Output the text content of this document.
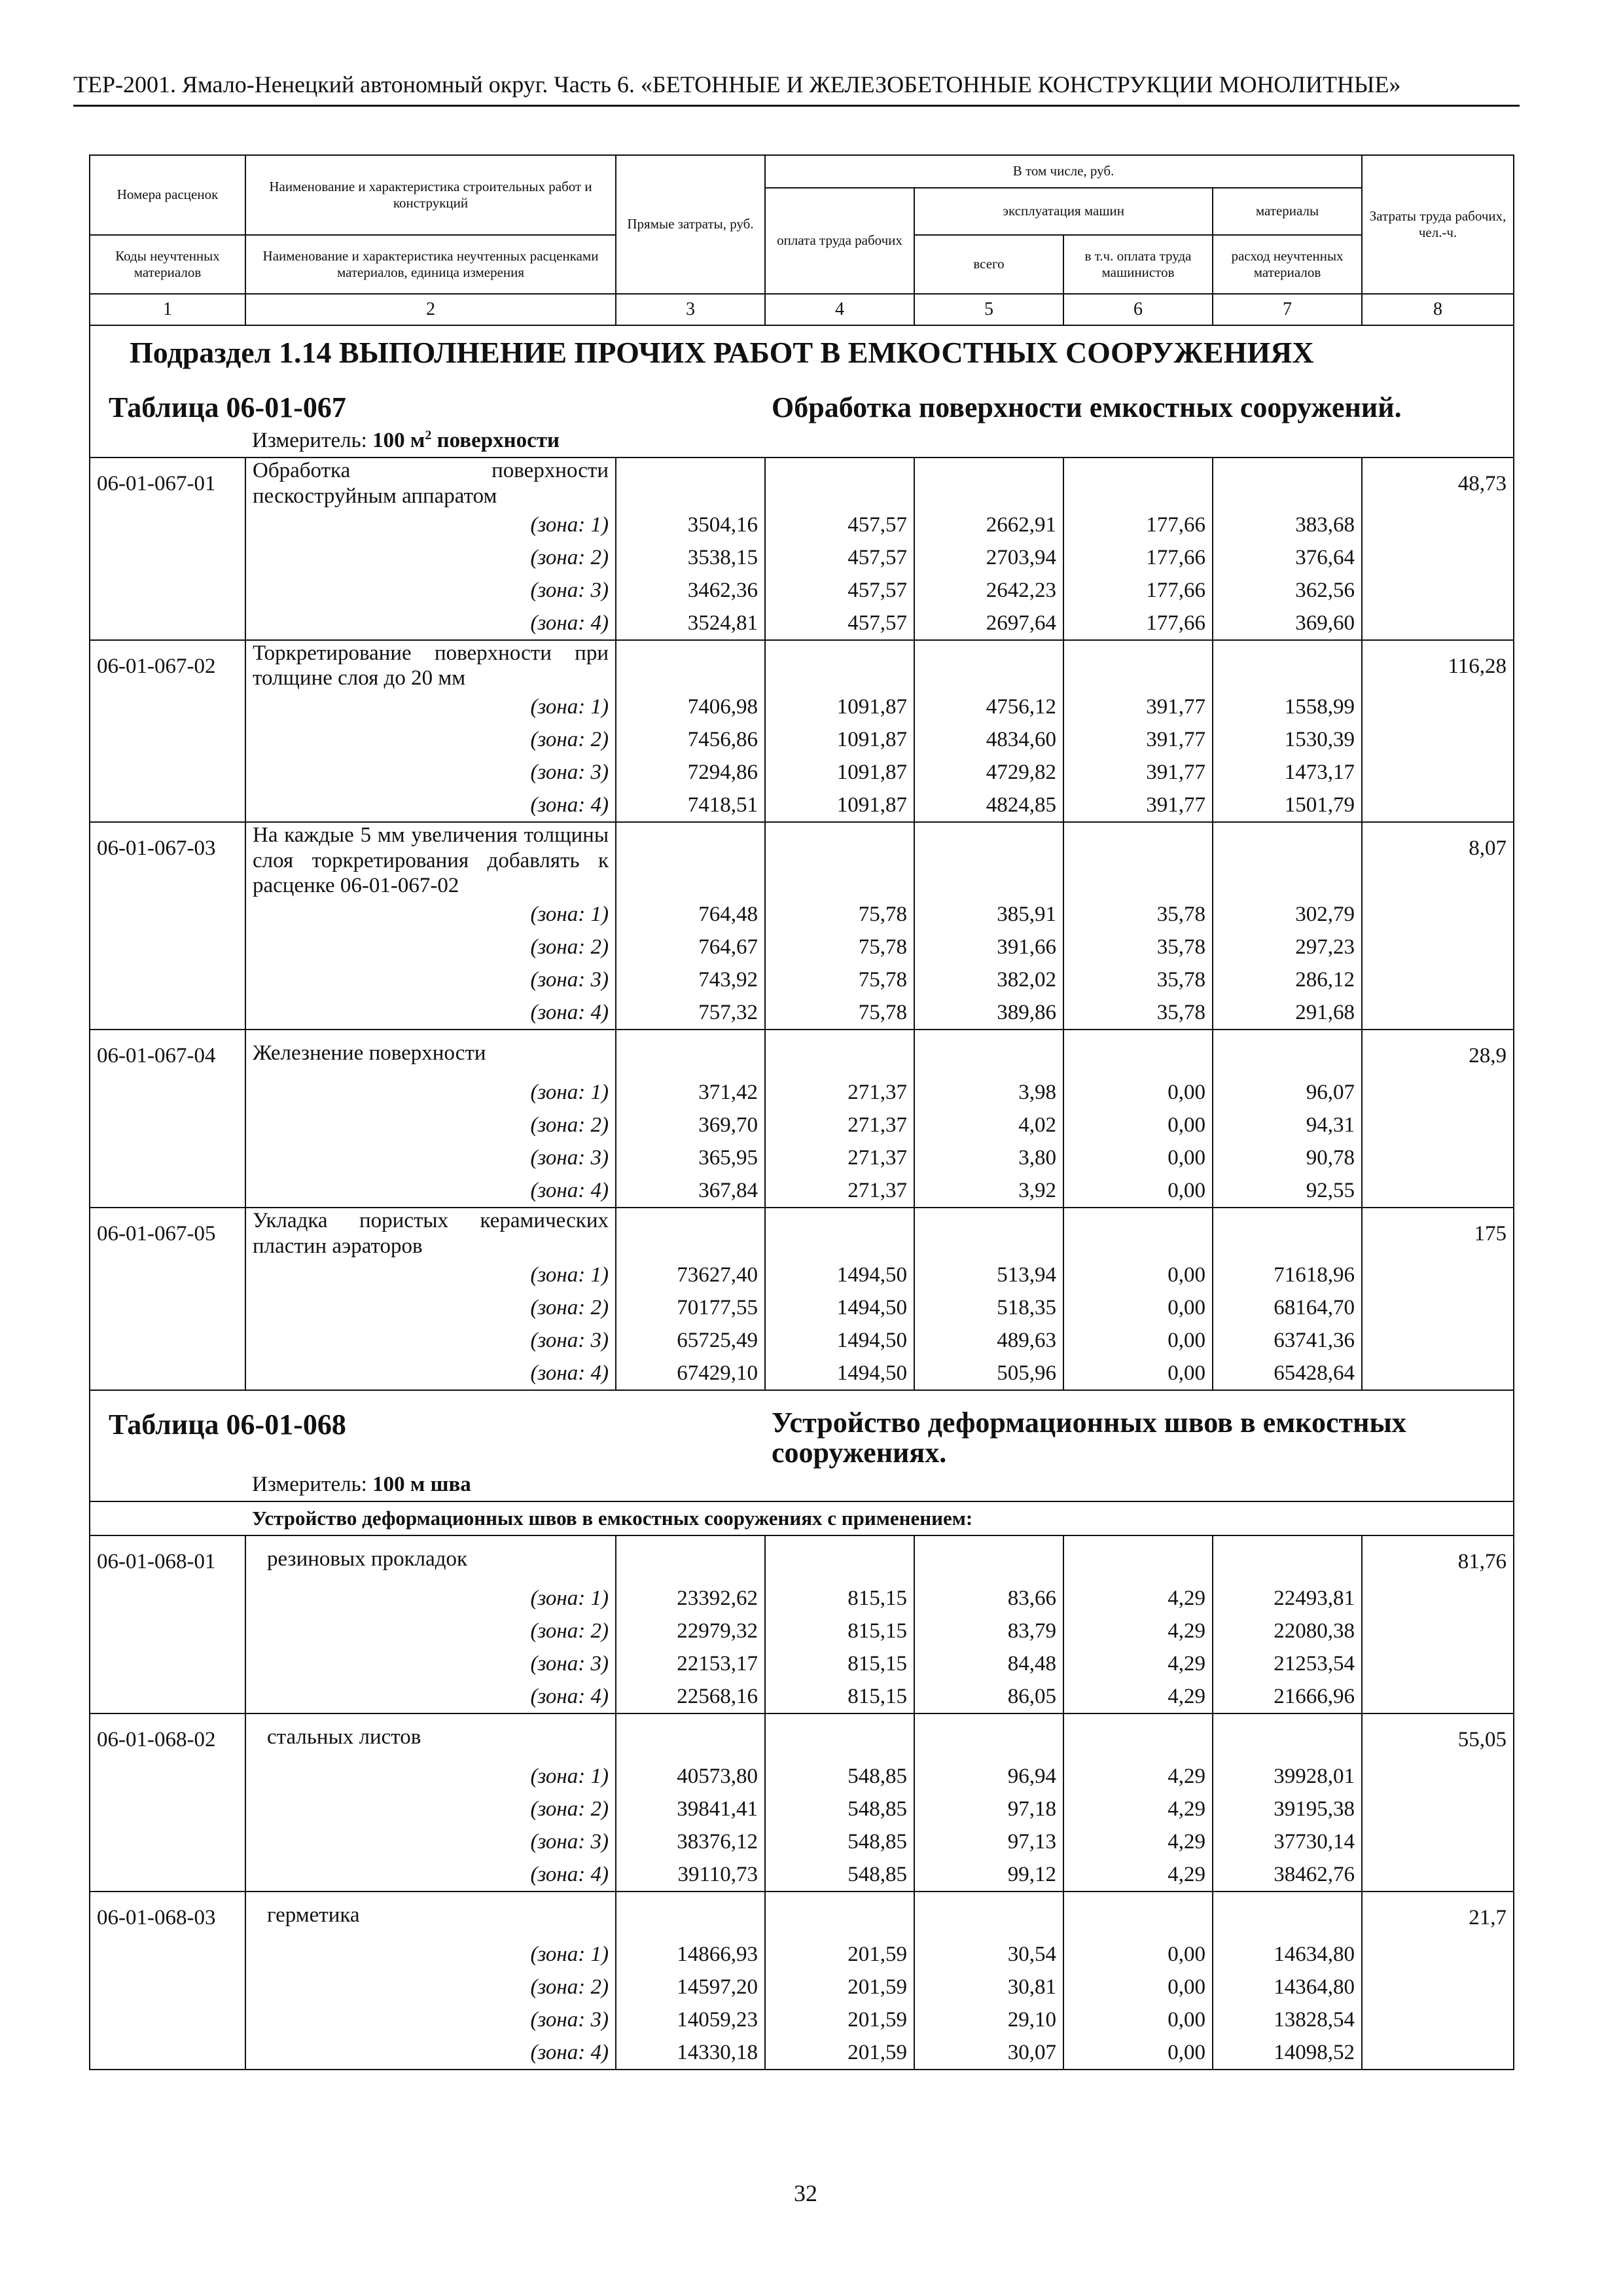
ТЕР-2001. Ямало-Ненецкий автономный округ. Часть 6. «БЕТОННЫЕ И ЖЕЛЕЗОБЕТОННЫЕ КОНСТРУКЦИИ МОНОЛИТНЫЕ»
Номера расценок	Наименование и характеристика строительных работ и конструкций	Прямые затраты, руб.	В том числе, руб.				Затраты труда рабочих, чел.-ч.
			оплата труда рабочих	эксплуатация машин		материалы	
Коды неучтенных материалов	Наименование и характеристика неучтенных расценками материалов, единица измерения			всего	в т.ч. оплата труда машинистов	расход неучтенных материалов	

1	2	3	4	5	6	7	8
Подраздел 1.14 ВЫПОЛНЕНИЕ ПРОЧИХ РАБОТ В ЕМКОСТНЫХ СООРУЖЕНИЯХ							
Таблица 06-01-067			Обработка поверхности емкостных сооружений.				
	Измеритель: 100 $м^2$ поверхности						
06-01-067-01	Обработка поверхности пескоструйным аппаратом						48,73
	(зона: 1)	3504,16	457,57	2662,91	177,66	383,68	
	(зона: 2)	3538,15	457,57	2703,94	177,66	376,64	
	(зона: 3)	3462,36	457,57	2642,23	177,66	362,56	
	(зона: 4)	3524,81	457,57	2697,64	177,66	369,60	
06-01-067-02	Торкретирование поверхности при толщине слоя до 20 мм						116,28
	(зона: 1)	7406,98	1091,87	4756,12	391,77	1558,99	
	(зона: 2)	7456,86	1091,87	4834,60	391,77	1530,39	
	(зона: 3)	7294,86	1091,87	4729,82	391,77	1473,17	
	(зона: 4)	7418,51	1091,87	4824,85	391,77	1501,79	
06-01-067-03	На каждые 5 мм увеличения толщины слоя торкретирования добавлять к расценке 06-01-067-02						8,07
	(зона: 1)	764,48	75,78	385,91	35,78	302,79	
	(зона: 2)	764,67	75,78	391,66	35,78	297,23	
	(зона: 3)	743,92	75,78	382,02	35,78	286,12	
	(зона: 4)	757,32	75,78	389,86	35,78	291,68	
06-01-067-04	Железнение поверхности						28,9
	(зона: 1)	371,42	271,37	3,98	0,00	96,07	
	(зона: 2)	369,70	271,37	4,02	0,00	94,31	
	(зона: 3)	365,95	271,37	3,80	0,00	90,78	
	(зона: 4)	367,84	271,37	3,92	0,00	92,55	
06-01-067-05	Укладка пористых керамических пластин аэраторов						175
	(зона: 1)	73627,40	1494,50	513,94	0,00	71618,96	
	(зона: 2)	70177,55	1494,50	518,35	0,00	68164,70	
	(зона: 3)	65725,49	1494,50	489,63	0,00	63741,36	
	(зона: 4)	67429,10	1494,50	505,96	0,00	65428,64	
Таблица 06-01-068			Устройство деформационных швов в емкостных сооружениях.				
	Измеритель: 100 м шва						
	Устройство деформационных швов в емкостных сооружениях с применением:						
06-01-068-01	резиновых прокладок						81,76
	(зона: 1)	23392,62	815,15	83,66	4,29	22493,81	
	(зона: 2)	22979,32	815,15	83,79	4,29	22080,38	
	(зона: 3)	22153,17	815,15	84,48	4,29	21253,54	
	(зона: 4)	22568,16	815,15	86,05	4,29	21666,96	
06-01-068-02	стальных листов						55,05
	(зона: 1)	40573,80	548,85	96,94	4,29	39928,01	
	(зона: 2)	39841,41	548,85	97,18	4,29	39195,38	
	(зона: 3)	38376,12	548,85	97,13	4,29	37730,14	
	(зона: 4)	39110,73	548,85	99,12	4,29	38462,76	
06-01-068-03	герметика						21,7
	(зона: 1)	14866,93	201,59	30,54	0,00	14634,80	
	(зона: 2)	14597,20	201,59	30,81	0,00	14364,80	
	(зона: 3)	14059,23	201,59	29,10	0,00	13828,54	
	(зона: 4)	14330,18	201,59	30,07	0,00	14098,52	
32
